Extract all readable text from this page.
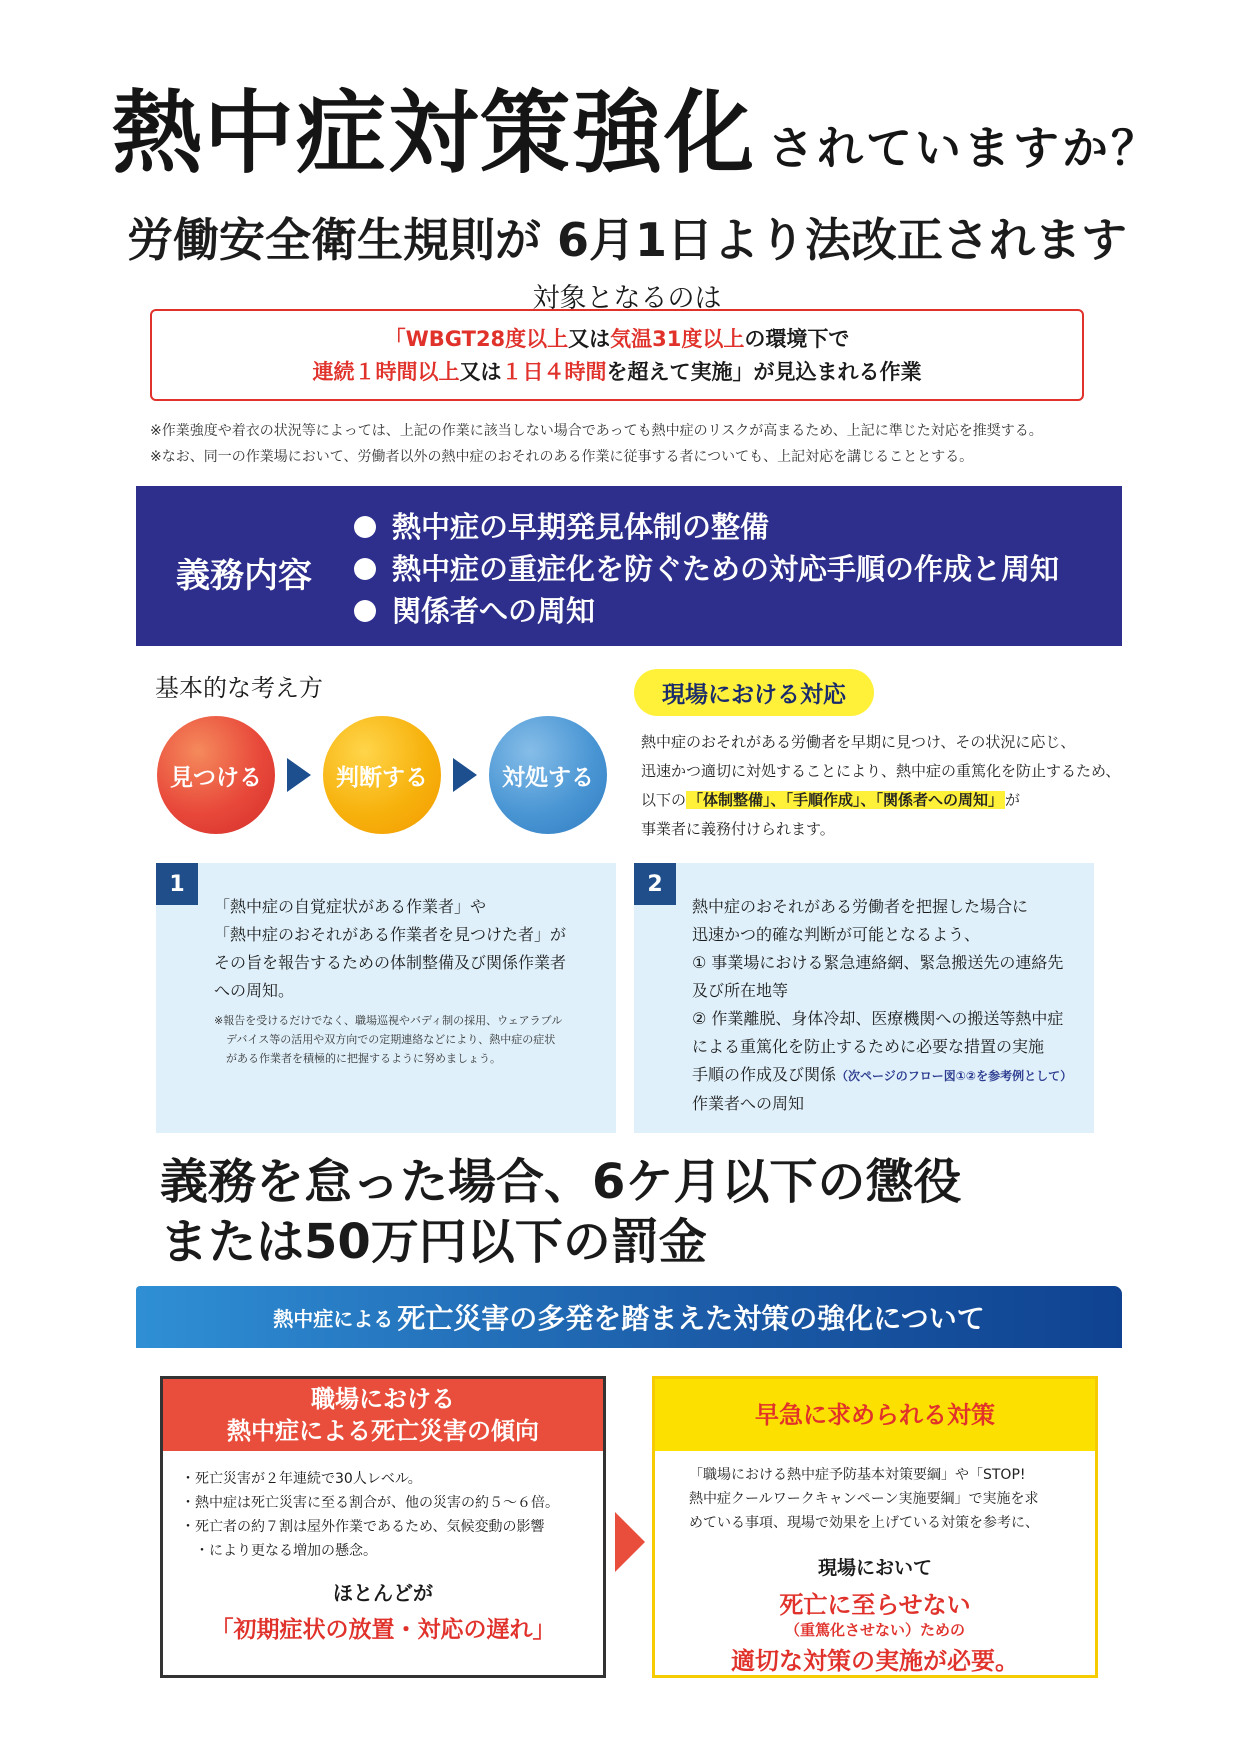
熱中症対策強化 されていますか？
労働安全衛生規則が 6月1日より法改正されます
対象となるのは
「WBGT28度以上又は気温31度以上の環境下で
連続１時間以上又は１日４時間を超えて実施」が見込まれる作業
※作業強度や着衣の状況等によっては、上記の作業に該当しない場合であっても熱中症のリスクが高まるため、上記に準じた対応を推奨する。
※なお、同一の作業場において、労働者以外の熱中症のおそれのある作業に従事する者についても、上記対応を講じることとする。
義務内容
熱中症の早期発見体制の整備
熱中症の重症化を防ぐための対応手順の作成と周知
関係者への周知
基本的な考え方
見つける	判断する	対処する
現場における対応
熱中症のおそれがある労働者を早期に見つけ、その状況に応じ、
迅速かつ適切に対処することにより、熱中症の重篤化を防止するため、
以下の 「体制整備」、「手順作成」、「関係者への周知」 が
事業者に義務付けられます。
1
「熱中症の自覚症状がある作業者」や
「熱中症のおそれがある作業者を見つけた者」が
その旨を報告するための体制整備及び関係作業者
への周知。
※報告を受けるだけでなく、職場巡視やバディ制の採用、ウェアラブル
デバイス等の活用や双方向での定期連絡などにより、熱中症の症状
がある作業者を積極的に把握するように努めましょう。
2
熱中症のおそれがある労働者を把握した場合に
迅速かつ的確な判断が可能となるよう、
① 事業場における緊急連絡網、緊急搬送先の連絡先
及び所在地等
② 作業離脱、身体冷却、医療機関への搬送等熱中症
による重篤化を防止するために必要な措置の実施
手順の作成及び関係（次ページのフロー図①②を参考例として）
作業者への周知
義務を怠った場合、6ケ月以下の懲役
または50万円以下の罰金
熱中症による 死亡災害の多発を踏まえた対策の強化について
職場における
熱中症による死亡災害の傾向
・ 死亡災害が２年連続で30人レベル。
・ 熱中症は死亡災害に至る割合が、他の災害の約５～６倍。
・ 死亡者の約７割は屋外作業であるため、気候変動の影響
・ により更なる増加の懸念。
ほとんどが
「初期症状の放置・対応の遅れ」
早急に求められる対策
「職場における熱中症予防基本対策要綱」や「STOP!
熱中症クールワークキャンペーン実施要綱」で実施を求
めている事項、現場で効果を上げている対策を参考に、
現場において
死亡に至らせない
（重篤化させない）ための
適切な対策の実施が必要。
